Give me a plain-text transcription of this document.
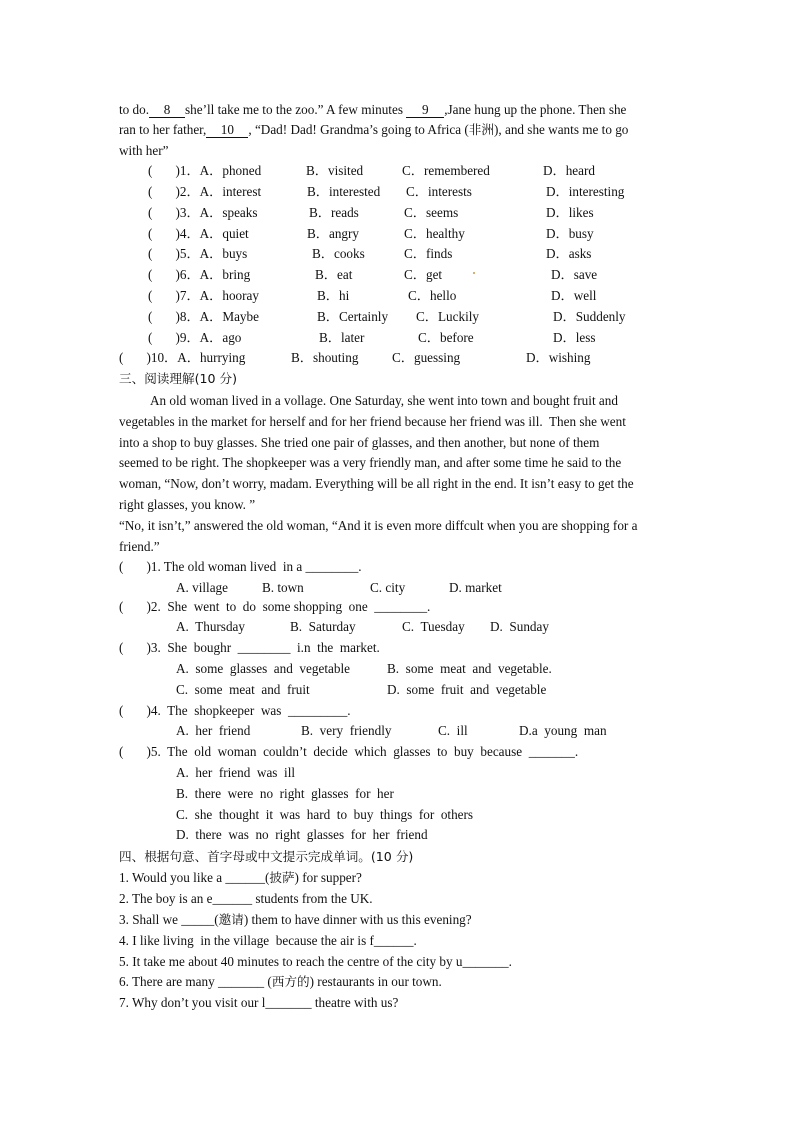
to do. 8 she’ll take me to the zoo.” A few minutes 9 ,Jane hung up the phone. Then she
ran to her father, 10 , “Dad! Dad! Grandma’s going to Africa (非洲), and she wants me to go
with her”
(       )1．A．phoned	B．visited	C．remembered	D．heard
(       )2．A．interest	B．interested C．interests	D．interesting
(       )3．A．speaks	B．reads	C．seems	D．likes
(       )4．A．quiet	B．angry	C．healthy	D．busy
(       )5．A．buys	B．cooks	C．finds	D．asks
(       )6．A．bring	B．eat	C．get	D．save
(       )7．A．hooray	B．hi	C．hello	D．well
(       )8．A．Maybe	B．Certainly C．Luckily	D．Suddenly
(       )9．A．ago	B．later	C．before	D．less
(       )10．A．hurrying	B．shouting	C．guessing	D．wishing
三、阅读理解(10 分)
An old woman lived in a vollage. One Saturday, she went into town and bought fruit and
vegetables in the market for herself and for her friend because her friend was ill.  Then she went
into a shop to buy glasses. She tried one pair of glasses, and then another, but none of them
seemed to be right. The shopkeeper was a very friendly man, and after some time he said to the
woman, “Now, don’t worry, madam. Everything will be all right in the end. It isn’t easy to get the
right glasses, you know. ”
“No, it isn’t,” answered the old woman, “And it is even more diffcult when you are shopping for a
friend.”
(       )1. The old woman lived  in a ________.
A. village	B. town	C. city	D. market
(       )2.  She  went  to  do  some shopping  one  ________.
A.  Thursday	B.  Saturday	C.  Tuesday D.  Sunday
(       )3.  She  boughr  ________  i.n  the  market.
A.  some  glasses  and  vegetable	B.  some  meat  and  vegetable.
C.  some  meat  and  fruit	D.  some  fruit  and  vegetable
(       )4.  The  shopkeeper  was  _________.
A.  her  friend	B.  very  friendly	C.  ill	D.a  young  man
(       )5.  The  old  woman  couldn’t  decide  which  glasses  to  buy  because  _______.
A.  her  friend  was  ill
B.  there  were  no  right  glasses  for  her
C.  she  thought  it  was  hard  to  buy  things  for  others
D.  there  was  no  right  glasses  for  her  friend
四、根据句意、首字母或中文提示完成单词。(10 分)
1. Would you like a ______(披萨) for supper?
2. The boy is an e______ students from the UK.
3. Shall we _____(邀请) them to have dinner with us this evening?
4. I like living  in the village  because the air is f______.
5. It take me about 40 minutes to reach the centre of the city by u_______.
6. There are many _______ (西方的) restaurants in our town.
7. Why don’t you visit our l_______ theatre with us?
